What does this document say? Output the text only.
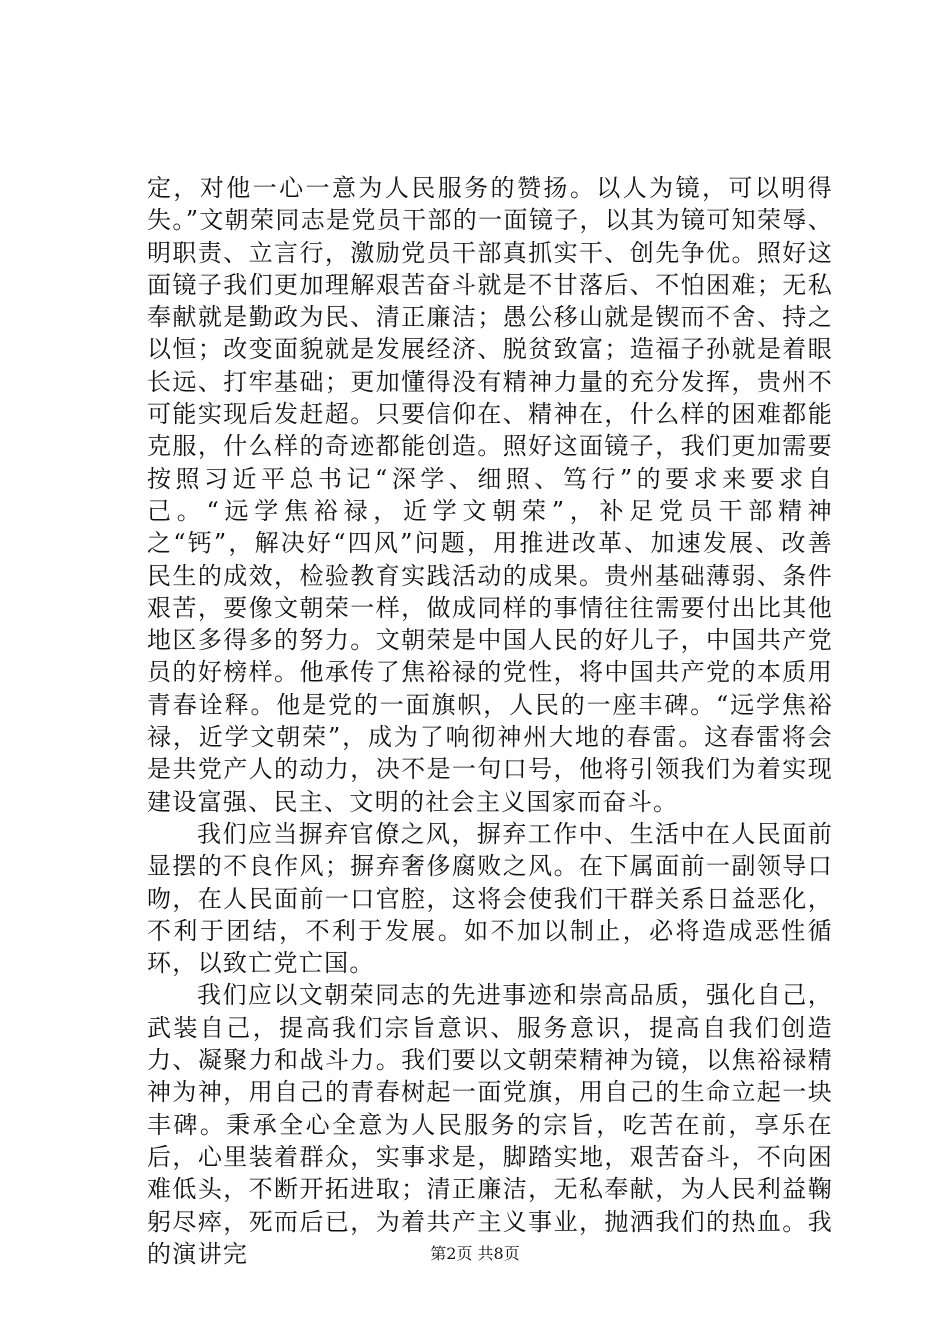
定，对他一心一意为人民服务的赞扬。以人为镜，可以明得失。”文朝荣同志是党员干部的一面镜子，以其为镜可知荣辱、明职责、立言行，激励党员干部真抓实干、创先争优。照好这面镜子我们更加理解艰苦奋斗就是不甘落后、不怕困难；无私奉献就是勤政为民、清正廉洁；愚公移山就是锲而不舍、持之以恒；改变面貌就是发展经济、脱贫致富；造福子孙就是着眼长远、打牢基础；更加懂得没有精神力量的充分发挥，贵州不可能实现后发赶超。只要信仰在、精神在，什么样的困难都能克服，什么样的奇迹都能创造。照好这面镜子，我们更加需要按照习近平总书记“深学、细照、笃行”的要求来要求自己。“远学焦裕禄，近学文朝荣”，补足党员干部精神之“钙”，解决好“四风”问题，用推进改革、加速发展、改善民生的成效，检验教育实践活动的成果。贵州基础薄弱、条件艰苦，要像文朝荣一样，做成同样的事情往往需要付出比其他地区多得多的努力。文朝荣是中国人民的好儿子，中国共产党员的好榜样。他承传了焦裕禄的党性，将中国共产党的本质用青春诠释。他是党的一面旗帜，人民的一座丰碑。“远学焦裕禄，近学文朝荣”，成为了响彻神州大地的春雷。这春雷将会是共党产人的动力，决不是一句口号，他将引领我们为着实现建设富强、民主、文明的社会主义国家而奋斗。

我们应当摒弃官僚之风，摒弃工作中、生活中在人民面前显摆的不良作风；摒弃奢侈腐败之风。在下属面前一副领导口吻，在人民面前一口官腔，这将会使我们干群关系日益恶化，不利于团结，不利于发展。如不加以制止，必将造成恶性循环，以致亡党亡国。

我们应以文朝荣同志的先进事迹和崇高品质，强化自己，武装自己，提高我们宗旨意识、服务意识，提高自我们创造力、凝聚力和战斗力。我们要以文朝荣精神为镜，以焦裕禄精神为神，用自己的青春树起一面党旗，用自己的生命立起一块丰碑。秉承全心全意为人民服务的宗旨，吃苦在前，享乐在后，心里装着群众，实事求是，脚踏实地，艰苦奋斗，不向困难低头，不断开拓进取；清正廉洁，无私奉献，为人民利益鞠躬尽瘁，死而后已，为着共产主义事业，抛洒我们的热血。我的演讲完	第2页 共8页
